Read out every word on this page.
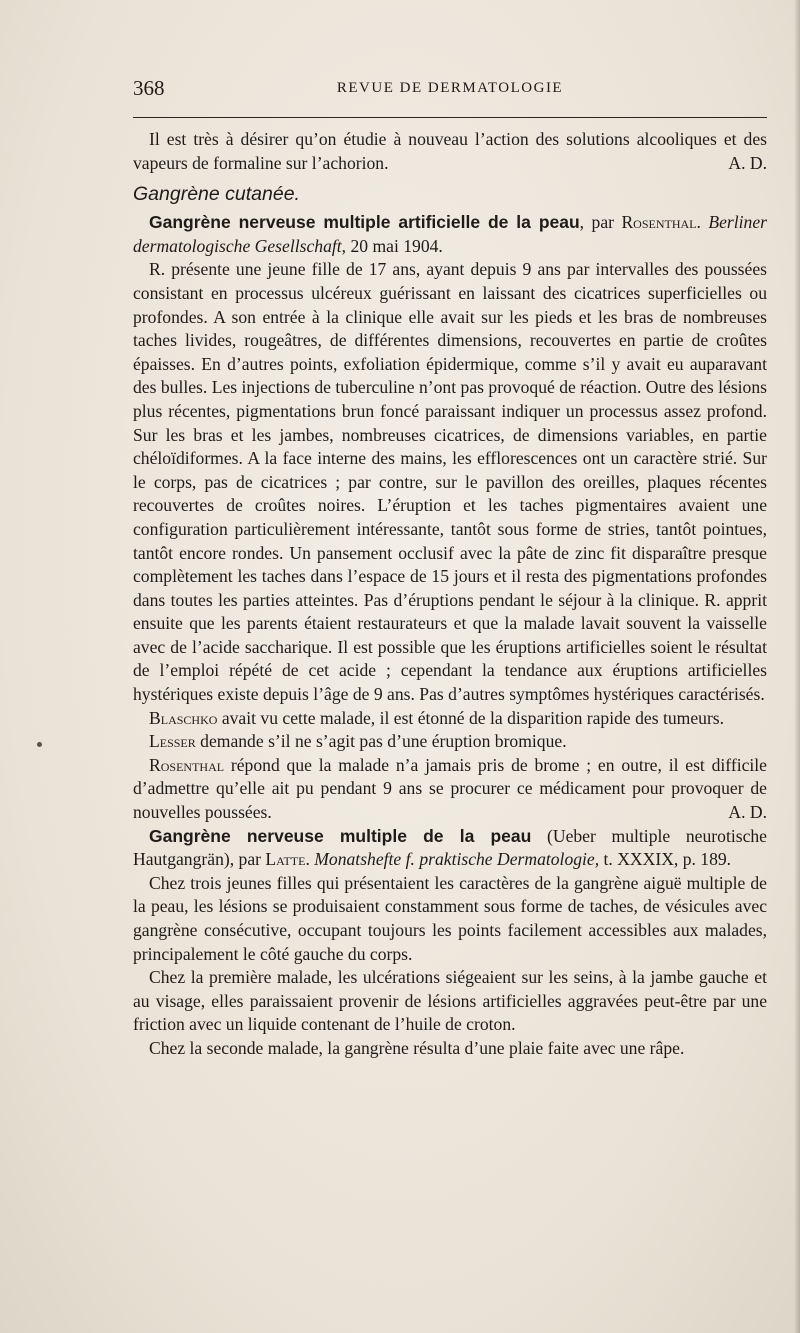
368	REVUE DE DERMATOLOGIE

Il est très à désirer qu’on étudie à nouveau l’action des solutions alcooliques et des vapeurs de formaline sur l’achorion.	A. D.

Gangrène cutanée.

Gangrène nerveuse multiple artificielle de la peau, par Rosenthal. Berliner dermatologische Gesellschaft, 20 mai 1904.

R. présente une jeune fille de 17 ans, ayant depuis 9 ans par intervalles des poussées consistant en processus ulcéreux guérissant en laissant des cicatrices superficielles ou profondes. A son entrée à la clinique elle avait sur les pieds et les bras de nombreuses taches livides, rougeâtres, de différentes dimensions, recouvertes en partie de croûtes épaisses. En d’autres points, exfoliation épidermique, comme s’il y avait eu auparavant des bulles. Les injections de tuberculine n’ont pas provoqué de réaction. Outre des lésions plus récentes, pigmentations brun foncé paraissant indiquer un processus assez profond. Sur les bras et les jambes, nombreuses cicatrices, de dimensions variables, en partie chéloïdiformes. A la face interne des mains, les efflorescences ont un caractère strié. Sur le corps, pas de cicatrices ; par contre, sur le pavillon des oreilles, plaques récentes recouvertes de croûtes noires. L’éruption et les taches pigmentaires avaient une configuration particulièrement intéressante, tantôt sous forme de stries, tantôt pointues, tantôt encore rondes. Un pansement occlusif avec la pâte de zinc fit disparaître presque complètement les taches dans l’espace de 15 jours et il resta des pigmentations profondes dans toutes les parties atteintes. Pas d’éruptions pendant le séjour à la clinique. R. apprit ensuite que les parents étaient restaurateurs et que la malade lavait souvent la vaisselle avec de l’acide saccharique. Il est possible que les éruptions artificielles soient le résultat de l’emploi répété de cet acide ; cependant la tendance aux éruptions artificielles hystériques existe depuis l’âge de 9 ans. Pas d’autres symptômes hystériques caractérisés.

Blaschko avait vu cette malade, il est étonné de la disparition rapide des tumeurs.

Lesser demande s’il ne s’agit pas d’une éruption bromique.

Rosenthal répond que la malade n’a jamais pris de brome ; en outre, il est difficile d’admettre qu’elle ait pu pendant 9 ans se procurer ce médicament pour provoquer de nouvelles poussées.	A. D.

Gangrène nerveuse multiple de la peau (Ueber multiple neurotische Hautgangrän), par Latte. Monatshefte f. praktische Dermatologie, t. XXXIX, p. 189.

Chez trois jeunes filles qui présentaient les caractères de la gangrène aiguë multiple de la peau, les lésions se produisaient constamment sous forme de taches, de vésicules avec gangrène consécutive, occupant toujours les points facilement accessibles aux malades, principalement le côté gauche du corps.

Chez la première malade, les ulcérations siégeaient sur les seins, à la jambe gauche et au visage, elles paraissaient provenir de lésions artificielles aggravées peut-être par une friction avec un liquide contenant de l’huile de croton.

Chez la seconde malade, la gangrène résulta d’une plaie faite avec une râpe.
